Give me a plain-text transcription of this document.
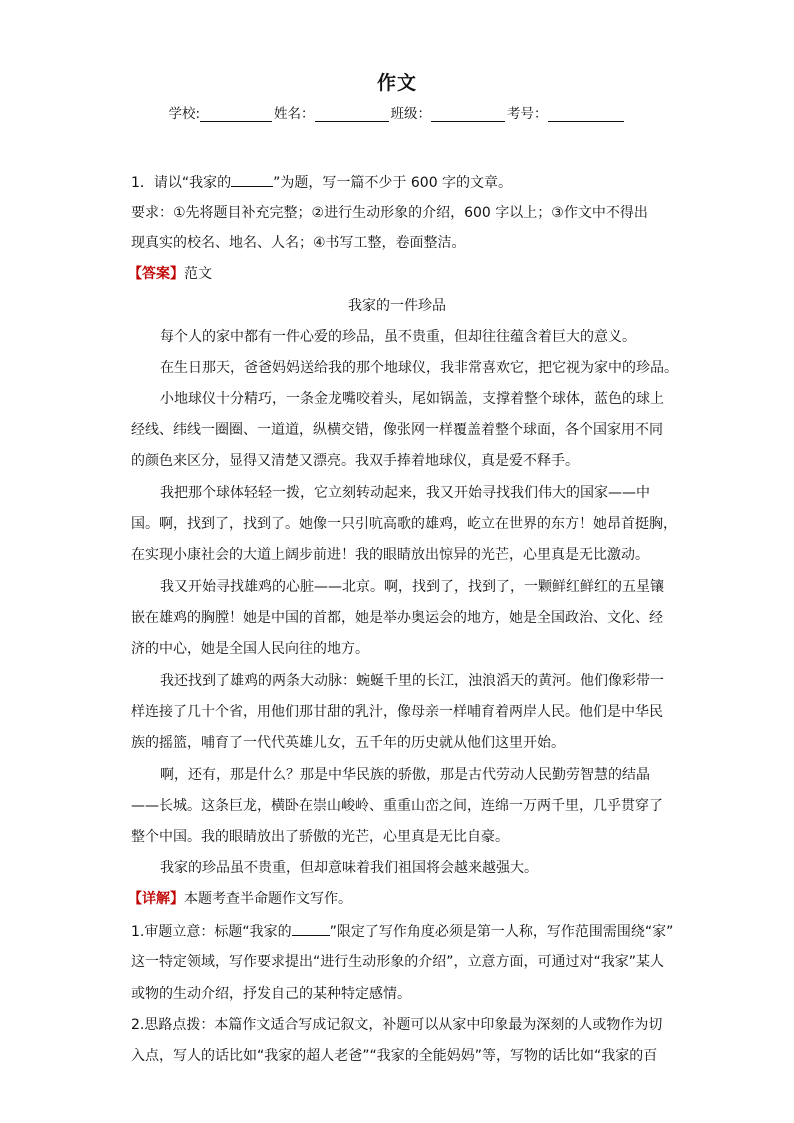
作文
学校:	姓名：	班级：	考号：
1．请以“我家的	”为题，写一篇不少于 600 字的文章。
要求：①先将题目补充完整；②进行生动形象的介绍，600 字以上；③作文中不得出
现真实的校名、地名、人名；④书写工整，卷面整洁。
【答案】范文
我家的一件珍品
每个人的家中都有一件心爱的珍品，虽不贵重，但却往往蕴含着巨大的意义。
在生日那天，爸爸妈妈送给我的那个地球仪，我非常喜欢它，把它视为家中的珍品。
小地球仪十分精巧，一条金龙嘴咬着头，尾如锅盖，支撑着整个球体，蓝色的球上
经线、纬线一圈圈、一道道，纵横交错，像张网一样覆盖着整个球面，各个国家用不同
的颜色来区分，显得又清楚又漂亮。我双手捧着地球仪，真是爱不释手。
我把那个球体轻轻一拨，它立刻转动起来，我又开始寻找我们伟大的国家——中
国。啊，找到了，找到了。她像一只引吭高歌的雄鸡，屹立在世界的东方！她昂首挺胸，
在实现小康社会的大道上阔步前进！我的眼睛放出惊异的光芒，心里真是无比激动。
我又开始寻找雄鸡的心脏——北京。啊，找到了，找到了，一颗鲜红鲜红的五星镶
嵌在雄鸡的胸膛！她是中国的首都，她是举办奥运会的地方，她是全国政治、文化、经
济的中心，她是全国人民向往的地方。
我还找到了雄鸡的两条大动脉：蜿蜒千里的长江，浊浪滔天的黄河。他们像彩带一
样连接了几十个省，用他们那甘甜的乳汁，像母亲一样哺育着两岸人民。他们是中华民
族的摇篮，哺育了一代代英雄儿女，五千年的历史就从他们这里开始。
啊，还有，那是什么？那是中华民族的骄傲，那是古代劳动人民勤劳智慧的结晶
——长城。这条巨龙，横卧在崇山峻岭、重重山峦之间，连绵一万两千里，几乎贯穿了
整个中国。我的眼睛放出了骄傲的光芒，心里真是无比自豪。
我家的珍品虽不贵重，但却意味着我们祖国将会越来越强大。
【详解】本题考查半命题作文写作。
1.审题立意：标题“我家的	”限定了写作角度必须是第一人称，写作范围需围绕“家”
这一特定领域，写作要求提出“进行生动形象的介绍”，立意方面，可通过对“我家”某人
或物的生动介绍，抒发自己的某种特定感情。
2.思路点拨：本篇作文适合写成记叙文，补题可以从家中印象最为深刻的人或物作为切
入点，写人的话比如“我家的超人老爸”“我家的全能妈妈”等，写物的话比如“我家的百
